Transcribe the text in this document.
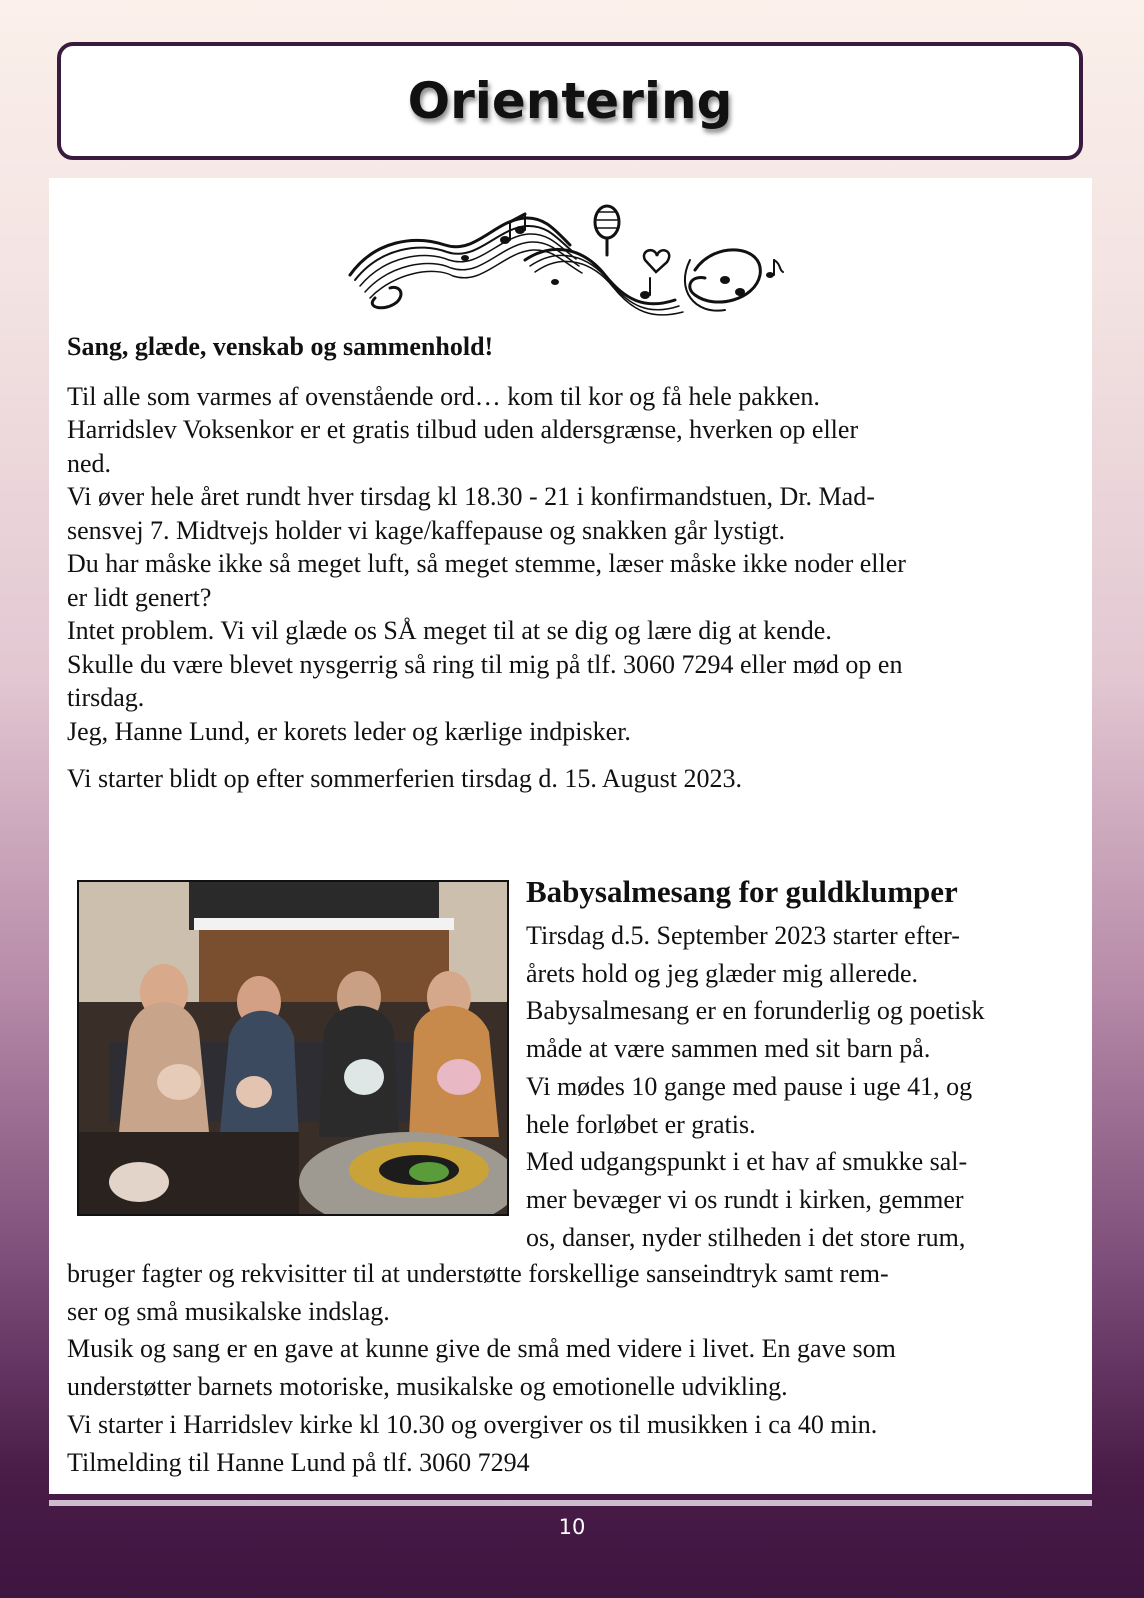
Orientering

Sang, glæde, venskab og sammenhold!

Til alle som varmes af ovenstående ord… kom til kor og få hele pakken.
Harridslev Voksenkor er et gratis tilbud uden aldersgrænse, hverken op eller
ned.
Vi øver hele året rundt hver tirsdag kl 18.30 - 21 i konfirmandstuen, Dr. Mad-
sensvej 7. Midtvejs holder vi kage/kaffepause og snakken går lystigt.
Du har måske ikke så meget luft, så meget stemme, læser måske ikke noder eller
er lidt genert?
Intet problem. Vi vil glæde os SÅ meget til at se dig og lære dig at kende.
Skulle du være blevet nysgerrig så ring til mig på tlf. 3060 7294 eller mød op en
tirsdag.
Jeg, Hanne Lund, er korets leder og kærlige indpisker.

Vi starter blidt op efter sommerferien tirsdag d. 15. August 2023.

Babysalmesang for guldklumper
Tirsdag d.5. September 2023 starter efter-
årets hold og jeg glæder mig allerede.
Babysalmesang er en forunderlig og poetisk
måde at være sammen med sit barn på.
Vi mødes 10 gange med pause i uge 41, og
hele forløbet er gratis.
Med udgangspunkt i et hav af smukke sal-
mer bevæger vi os rundt i kirken, gemmer
os, danser, nyder stilheden i det store rum,
bruger fagter og rekvisitter til at understøtte forskellige sanseindtryk samt rem-
ser og små musikalske indslag.
Musik og sang er en gave at kunne give de små med videre i livet. En gave som
understøtter barnets motoriske, musikalske og emotionelle udvikling.
Vi starter i Harridslev kirke kl 10.30 og overgiver os til musikken i ca 40 min.
Tilmelding til Hanne Lund på tlf. 3060 7294
10
